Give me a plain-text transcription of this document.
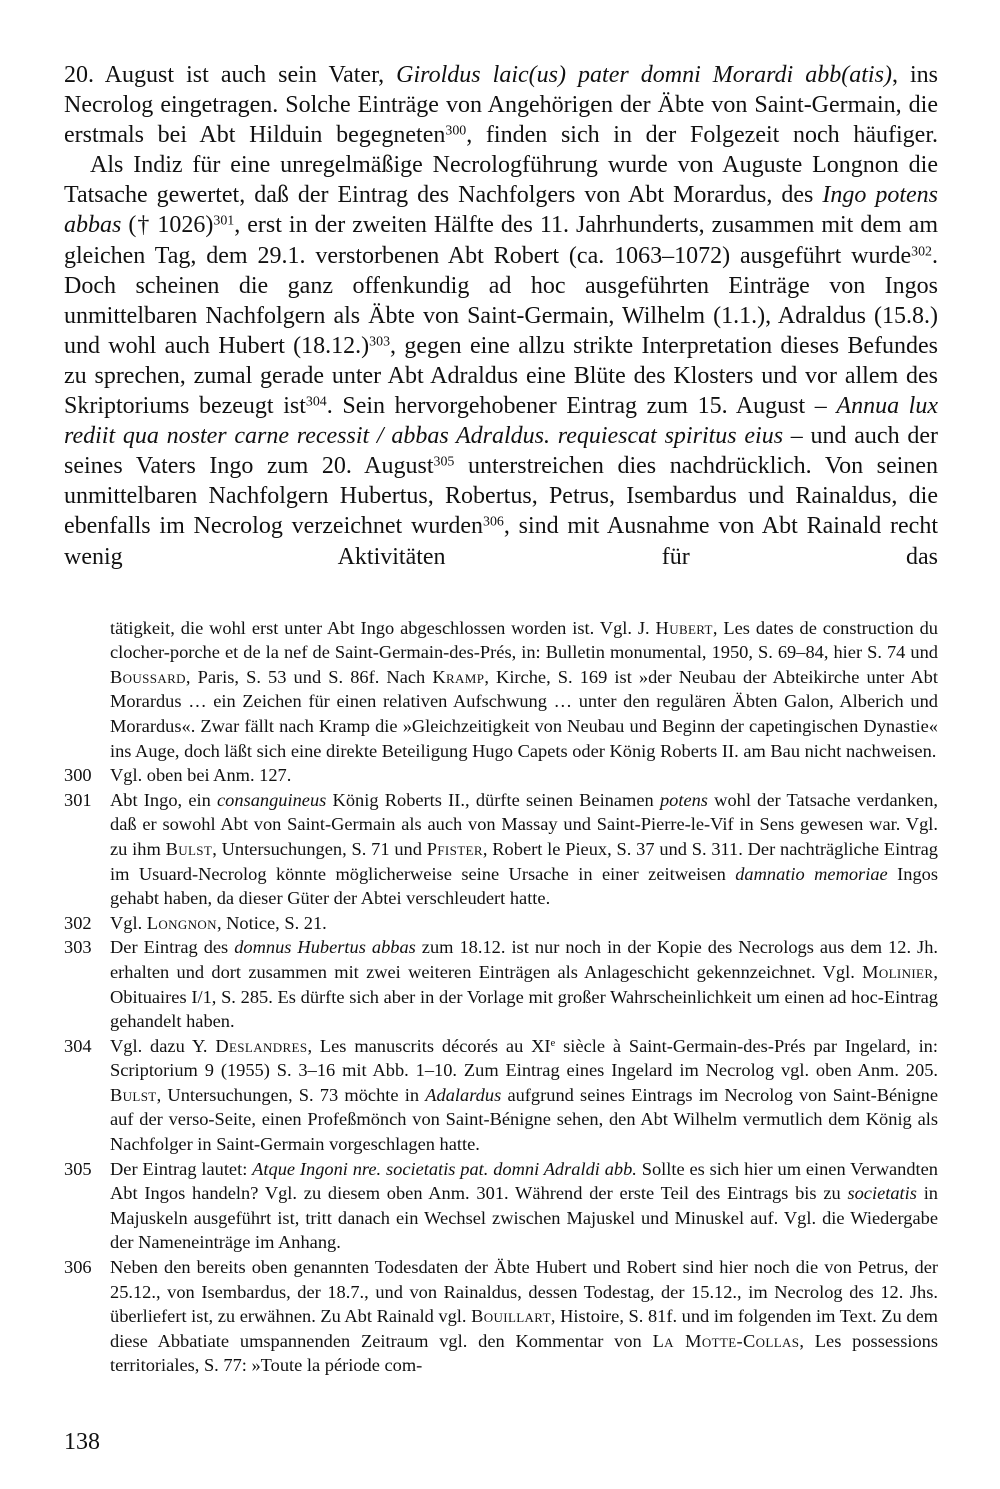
20. August ist auch sein Vater, Giroldus laic(us) pater domni Morardi abb(atis), ins Necrolog eingetragen. Solche Einträge von Angehörigen der Äbte von Saint-Germain, die erstmals bei Abt Hilduin begegneten$^{300}$, finden sich in der Folgezeit noch häufiger.

Als Indiz für eine unregelmäßige Necrologführung wurde von Auguste Longnon die Tatsache gewertet, daß der Eintrag des Nachfolgers von Abt Morardus, des Ingo potens abbas († 1026)$^{301}$, erst in der zweiten Hälfte des 11. Jahrhunderts, zusammen mit dem am gleichen Tag, dem 29.1. verstorbenen Abt Robert (ca. 1063–1072) ausgeführt wurde$^{302}$. Doch scheinen die ganz offenkundig ad hoc ausgeführten Einträge von Ingos unmittelbaren Nachfolgern als Äbte von Saint-Germain, Wilhelm (1.1.), Adraldus (15.8.) und wohl auch Hubert $(18.12.)^{303}$, gegen eine allzu strikte Interpretation dieses Befundes zu sprechen, zumal gerade unter Abt Adraldus eine Blüte des Klosters und vor allem des Skriptoriums bezeugt ist$^{304}$. Sein hervorgehobener Eintrag zum 15. August – Annua lux rediit qua noster carne recessit / abbas Adraldus. requiescat spiritus eius – und auch der seines Vaters Ingo zum 20. August$^{305}$ unterstreichen dies nachdrücklich. Von seinen unmittelbaren Nachfolgern Hubertus, Robertus, Petrus, Isembardus und Rainaldus, die ebenfalls im Necrolog verzeichnet wurden$^{306}$, sind mit Ausnahme von Abt Rainald recht wenig Aktivitäten für das

tätigkeit, die wohl erst unter Abt Ingo abgeschlossen worden ist. Vgl. J. Hubert, Les dates de construction du clocher-porche et de la nef de Saint-Germain-des-Prés, in: Bulletin monumental, 1950, S. 69–84, hier S. 74 und Boussard, Paris, S. 53 und S. 86f. Nach Kramp, Kirche, S. 169 ist »der Neubau der Abteikirche unter Abt Morardus … ein Zeichen für einen relativen Aufschwung … unter den regulären Äbten Galon, Alberich und Morardus«. Zwar fällt nach Kramp die »Gleichzeitigkeit von Neubau und Beginn der capetingischen Dynastie« ins Auge, doch läßt sich eine direkte Beteiligung Hugo Capets oder König Roberts II. am Bau nicht nachweisen.

300	Vgl. oben bei Anm. 127.
301	Abt Ingo, ein consanguineus König Roberts II., dürfte seinen Beinamen potens wohl der Tatsache verdanken, daß er sowohl Abt von Saint-Germain als auch von Massay und Saint-Pierre-le-Vif in Sens gewesen war. Vgl. zu ihm Bulst, Untersuchungen, S. 71 und Pfister, Robert le Pieux, S. 37 und S. 311. Der nachträgliche Eintrag im Usuard-Necrolog könnte möglicherweise seine Ursache in einer zeitweisen damnatio memoriae Ingos gehabt haben, da dieser Güter der Abtei verschleudert hatte.
302	Vgl. Longnon, Notice, S. 21.
303	Der Eintrag des domnus Hubertus abbas zum 18.12. ist nur noch in der Kopie des Necrologs aus dem 12. Jh. erhalten und dort zusammen mit zwei weiteren Einträgen als Anlageschicht gekennzeichnet. Vgl. Molinier, Obituaires I/1, S. 285. Es dürfte sich aber in der Vorlage mit großer Wahrscheinlichkeit um einen ad hoc-Eintrag gehandelt haben.
304	Vgl. dazu Y. Deslandres, Les manuscrits décorés au XIe siècle à Saint-Germain-des-Prés par Ingelard, in: Scriptorium 9 (1955) S. 3–16 mit Abb. 1–10. Zum Eintrag eines Ingelard im Necrolog vgl. oben Anm. 205. Bulst, Untersuchungen, S. 73 möchte in Adalardus aufgrund seines Eintrags im Necrolog von Saint-Bénigne auf der verso-Seite, einen Profeßmönch von Saint-Bénigne sehen, den Abt Wilhelm vermutlich dem König als Nachfolger in Saint-Germain vorgeschlagen hatte.
305	Der Eintrag lautet: Atque Ingoni nre. societatis pat. domni Adraldi abb. Sollte es sich hier um einen Verwandten Abt Ingos handeln? Vgl. zu diesem oben Anm. 301. Während der erste Teil des Eintrags bis zu societatis in Majuskeln ausgeführt ist, tritt danach ein Wechsel zwischen Majuskel und Minuskel auf. Vgl. die Wiedergabe der Nameneinträge im Anhang.
306	Neben den bereits oben genannten Todesdaten der Äbte Hubert und Robert sind hier noch die von Petrus, der 25.12., von Isembardus, der 18.7., und von Rainaldus, dessen Todestag, der 15.12., im Necrolog des 12. Jhs. überliefert ist, zu erwähnen. Zu Abt Rainald vgl. Bouillart, Histoire, S. 81f. und im folgenden im Text. Zu dem diese Abbatiate umspannenden Zeitraum vgl. den Kommentar von La Motte-Collas, Les possessions territoriales, S. 77: »Toute la période com-
138
